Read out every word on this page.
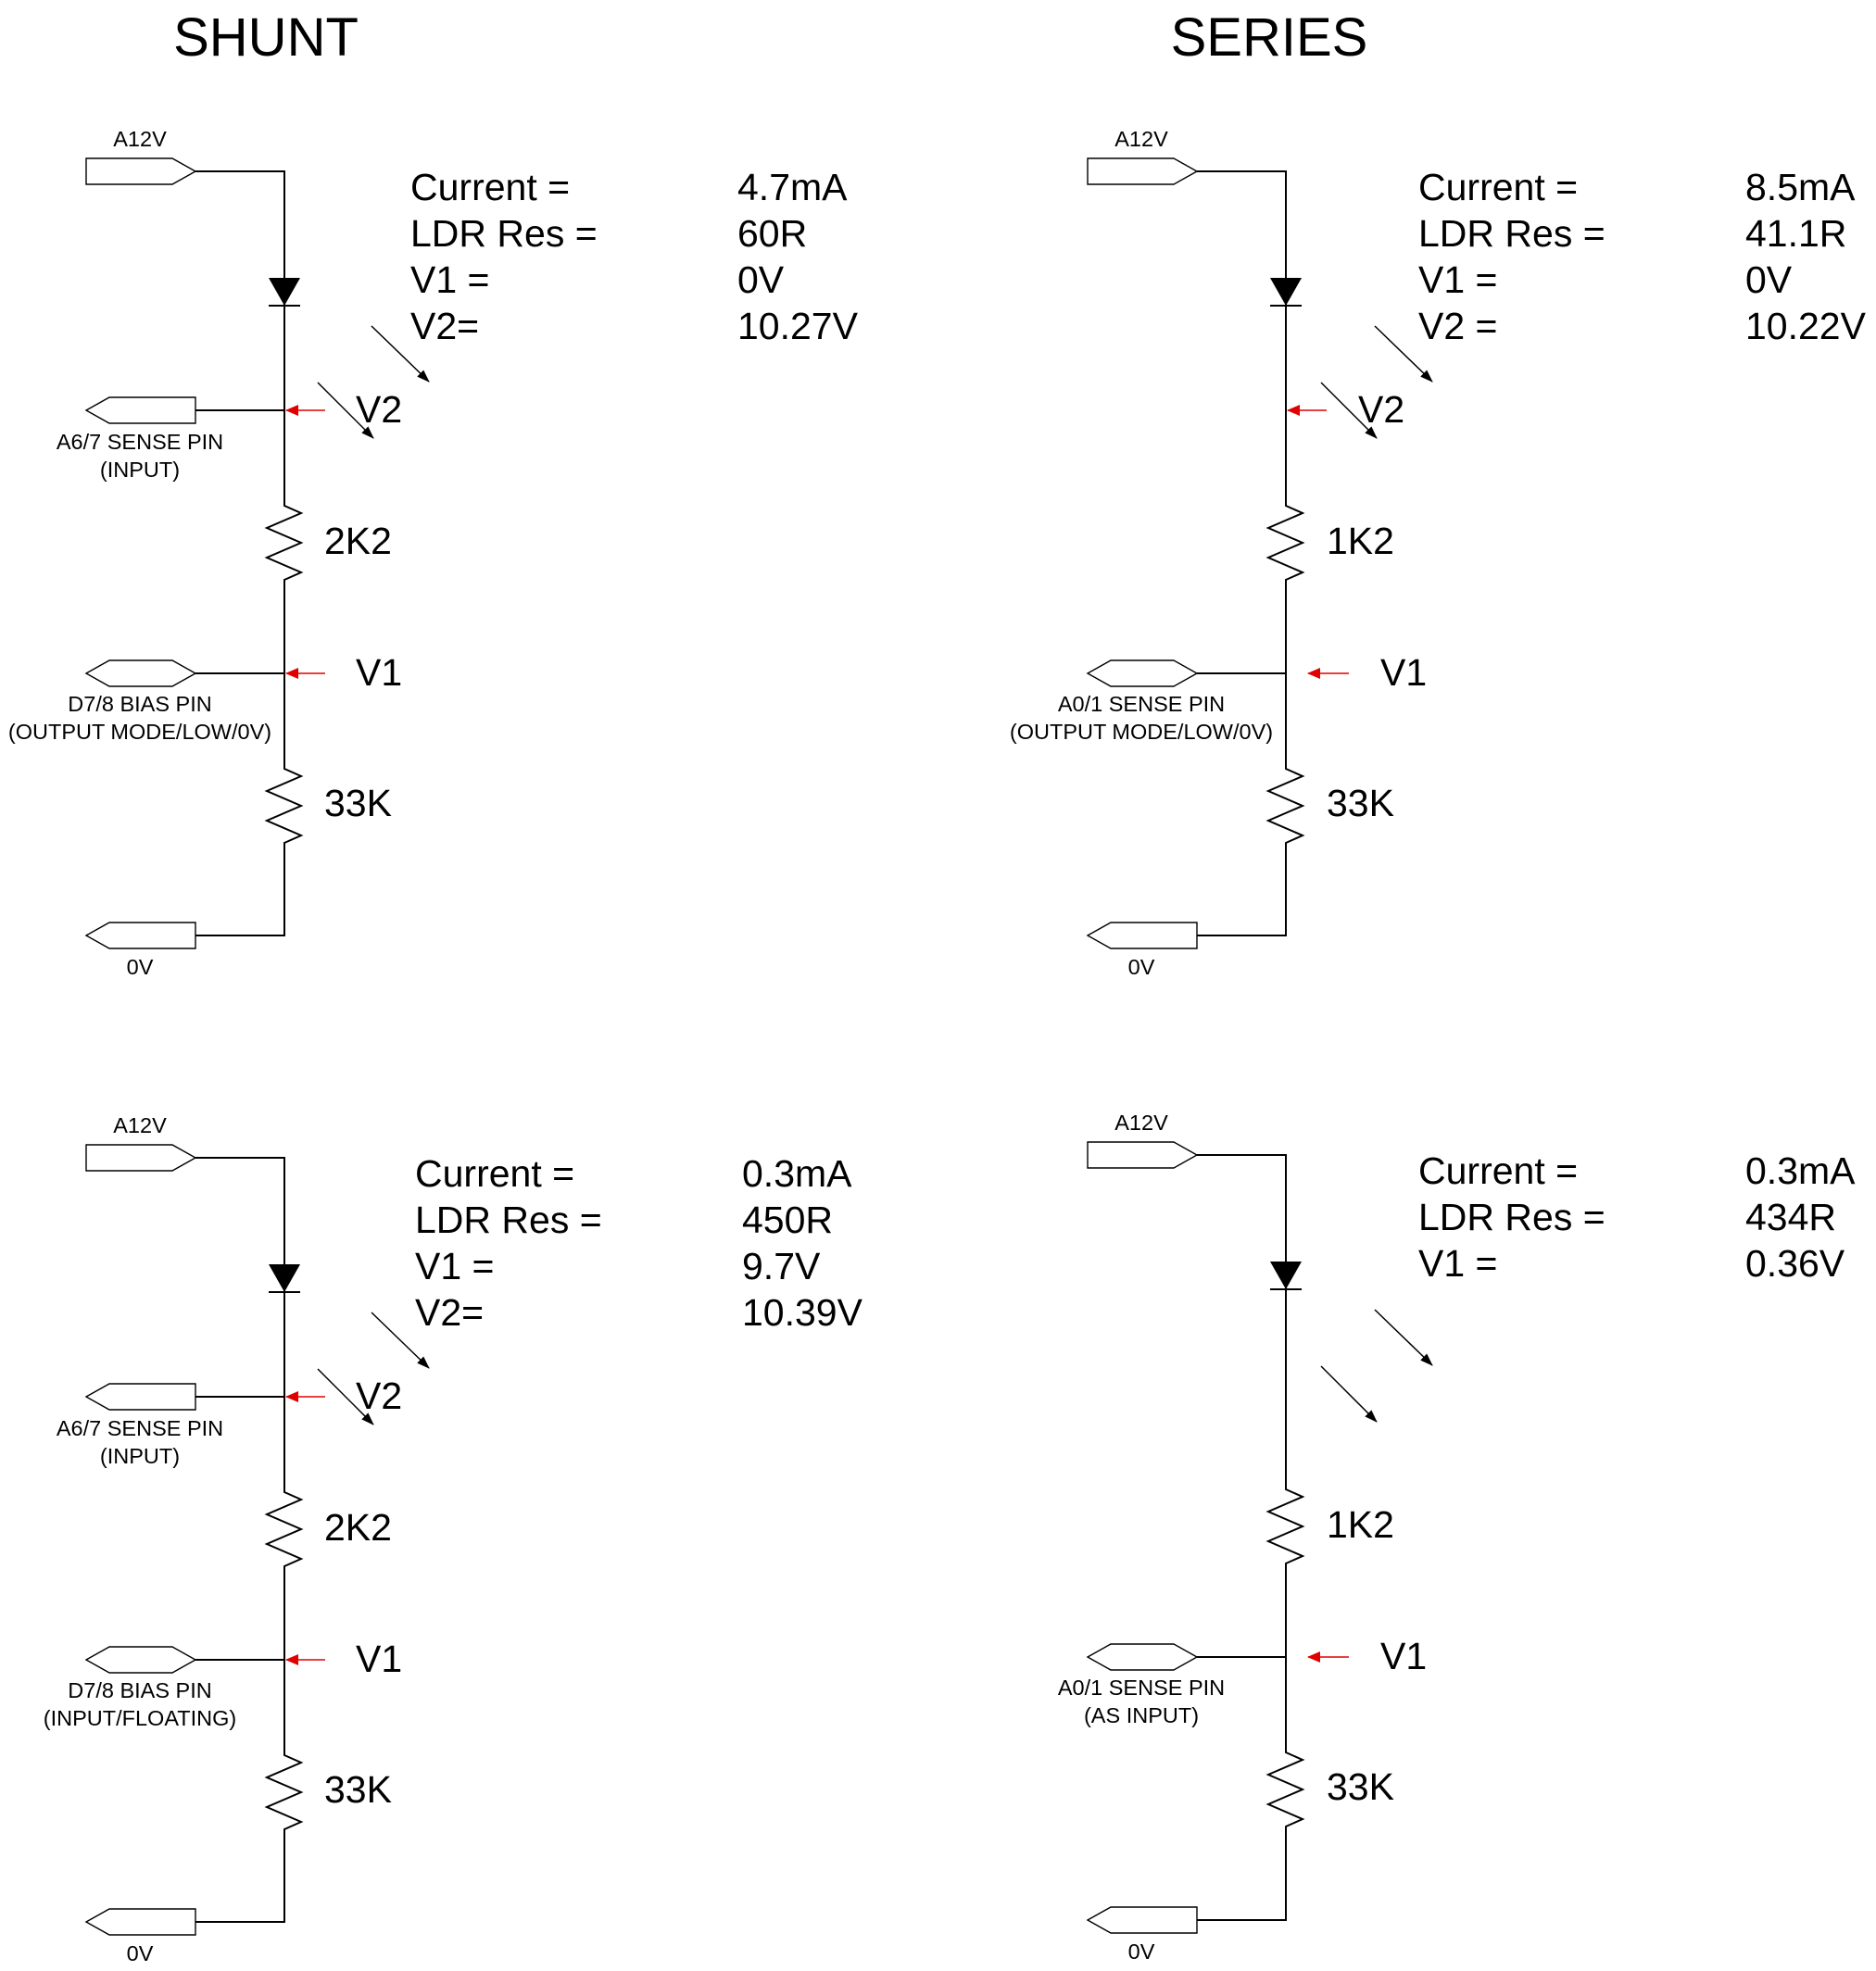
SHUNT	SERIES
A12V
A6/7 SENSE PIN
(INPUT)
V2
2K2
D7/8 BIAS PIN
(OUTPUT MODE/LOW/0V)
V1
33K
0V
Current =	4.7mA
LDR Res =	60R
V1 =	0V
V2=	10.27V
A12V
V2
1K2
A0/1 SENSE PIN
(OUTPUT MODE/LOW/0V)
V1
33K
0V
Current =	8.5mA
LDR Res =	41.1R
V1 =	0V
V2 =	10.22V
A12V
A6/7 SENSE PIN
(INPUT)
V2
2K2
D7/8 BIAS PIN
(INPUT/FLOATING)
V1
33K
0V
Current =	0.3mA
LDR Res =	450R
V1 =	9.7V
V2=	10.39V
A12V
1K2
A0/1 SENSE PIN
(AS INPUT)
V1
33K
0V
Current =	0.3mA
LDR Res =	434R
V1 =	0.36V
